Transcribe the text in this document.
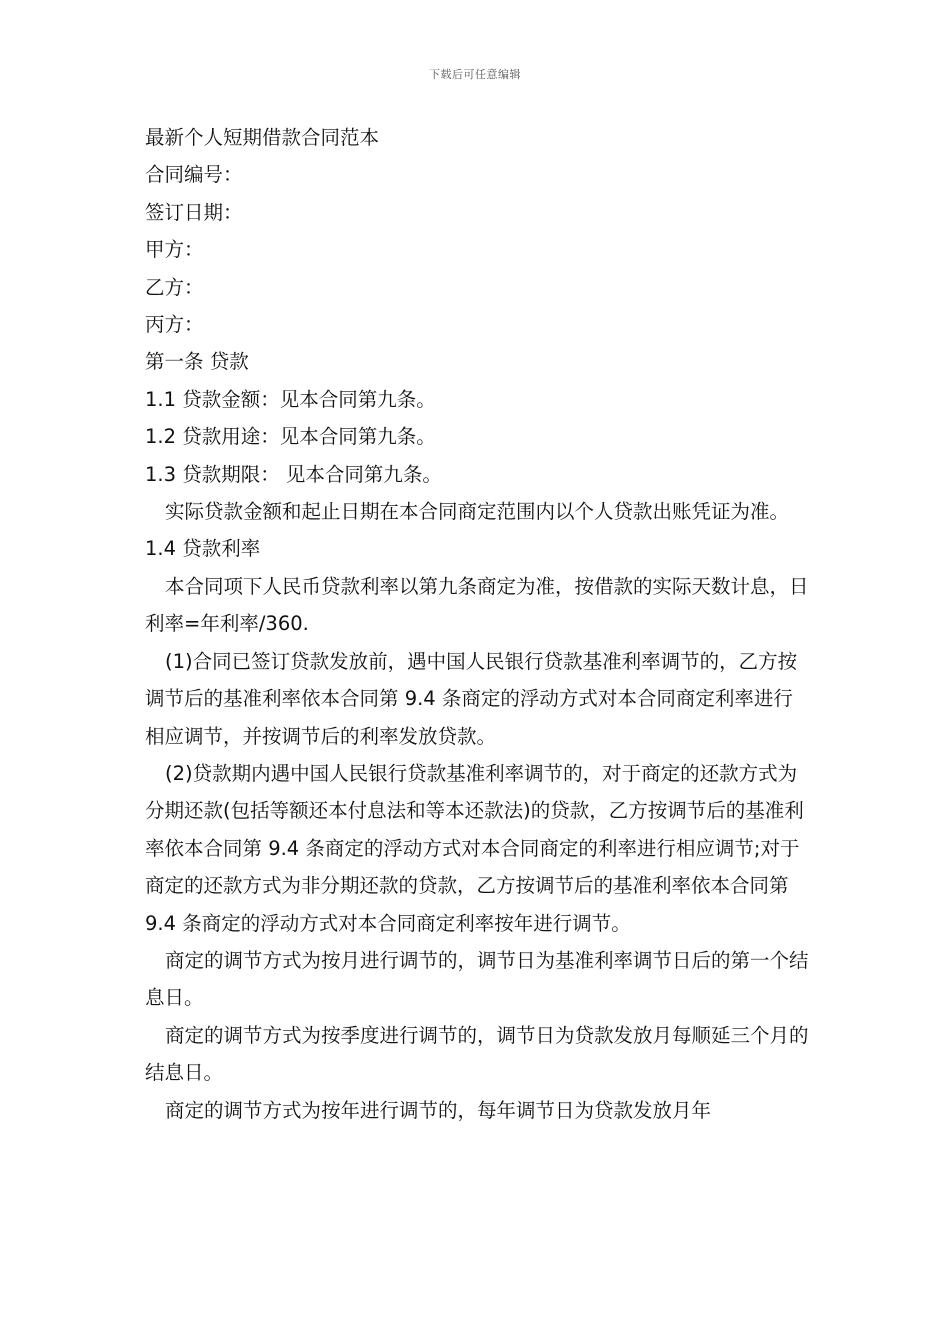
下载后可任意编辑

最新个人短期借款合同范本

合同编号：

签订日期：

甲方：

乙方：

丙方：

第一条 贷款

1.1 贷款金额：见本合同第九条。

1.2 贷款用途：见本合同第九条。

1.3 贷款期限： 见本合同第九条。

实际贷款金额和起止日期在本合同商定范围内以个人贷款出账凭证为准。

1.4 贷款利率

本合同项下人民币贷款利率以第九条商定为准，按借款的实际天数计息，日利率=年利率/360.

(1)合同已签订贷款发放前，遇中国人民银行贷款基准利率调节的，乙方按调节后的基准利率依本合同第 9.4 条商定的浮动方式对本合同商定利率进行相应调节，并按调节后的利率发放贷款。

(2)贷款期内遇中国人民银行贷款基准利率调节的，对于商定的还款方式为分期还款(包括等额还本付息法和等本还款法)的贷款，乙方按调节后的基准利率依本合同第 9.4 条商定的浮动方式对本合同商定的利率进行相应调节;对于商定的还款方式为非分期还款的贷款，乙方按调节后的基准利率依本合同第 9.4 条商定的浮动方式对本合同商定利率按年进行调节。

商定的调节方式为按月进行调节的，调节日为基准利率调节日后的第一个结息日。

商定的调节方式为按季度进行调节的，调节日为贷款发放月每顺延三个月的结息日。

商定的调节方式为按年进行调节的，每年调节日为贷款发放月年
